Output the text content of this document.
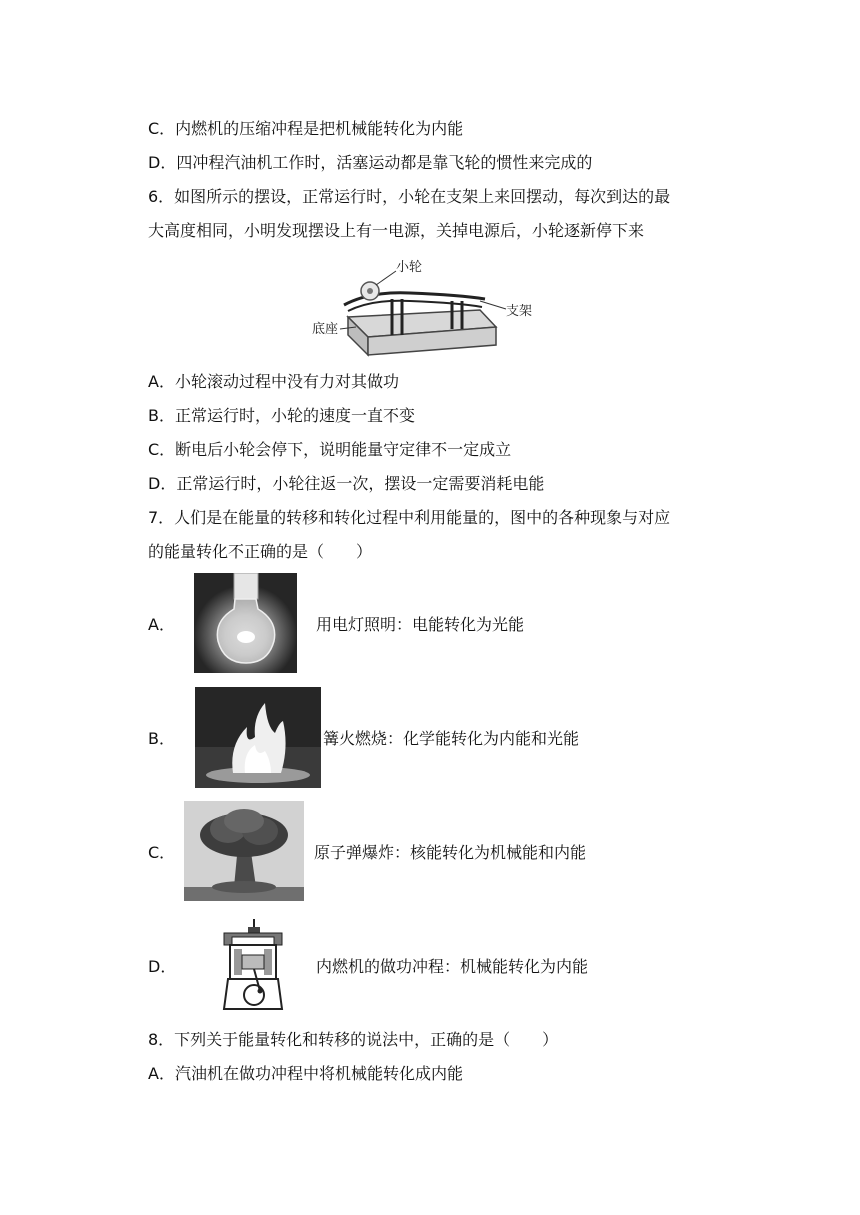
C．内燃机的压缩冲程是把机械能转化为内能
D．四冲程汽油机工作时，活塞运动都是靠飞轮的惯性来完成的
6．如图所示的摆设，正常运行时，小轮在支架上来回摆动，每次到达的最
大高度相同，小明发现摆设上有一电源，关掉电源后，小轮逐新停下来
小轮
支架
底座
A．小轮滚动过程中没有力对其做功
B．正常运行时，小轮的速度一直不变
C．断电后小轮会停下，说明能量守定律不一定成立
D．正常运行时，小轮往返一次，摆设一定需要消耗电能
7．人们是在能量的转移和转化过程中利用能量的，图中的各种现象与对应
的能量转化不正确的是（　　）
A．	用电灯照明：电能转化为光能
B．	篝火燃烧：化学能转化为内能和光能
C．	原子弹爆炸：核能转化为机械能和内能
D．	内燃机的做功冲程：机械能转化为内能
8．下列关于能量转化和转移的说法中，正确的是（　　）
A．汽油机在做功冲程中将机械能转化成内能
